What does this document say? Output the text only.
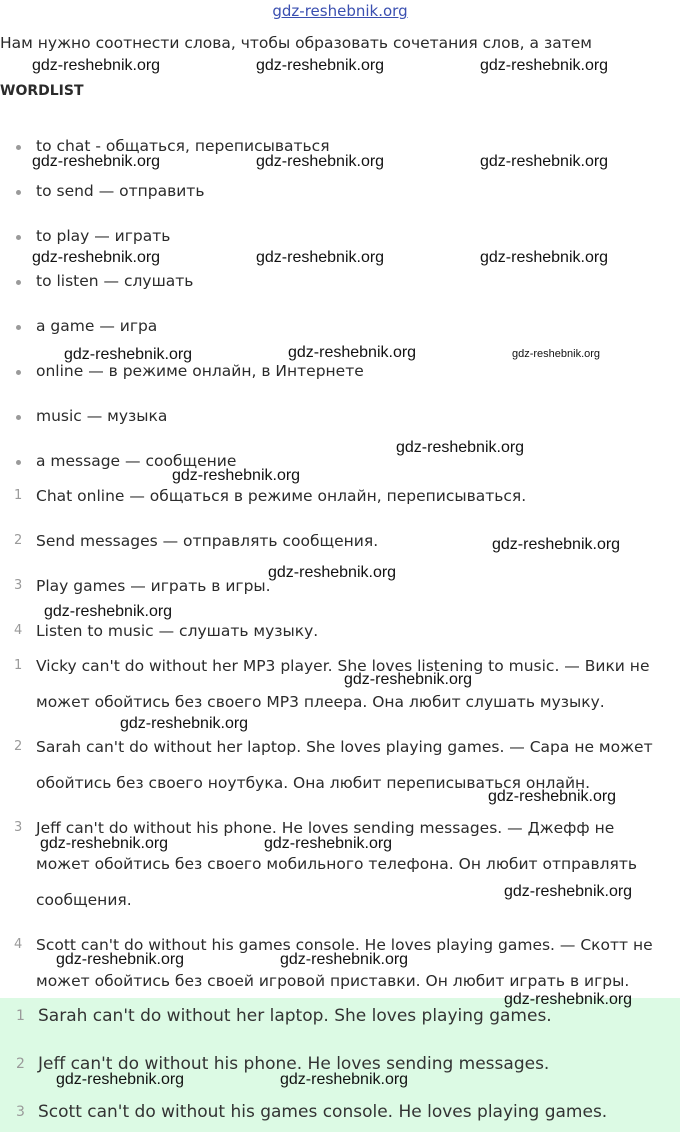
gdz-reshebnik.org
Нам нужно соотнести слова, чтобы образовать сочетания слов, а затем
WORDLIST
to chat - общаться, переписываться
to send — отправить
to play — играть
to listen — слушать
a game — игра
online — в режиме онлайн, в Интернете
music — музыка
a message — сообщение
1 Chat online — общаться в режиме онлайн, переписываться.
2 Send messages — отправлять сообщения.
3 Play games — играть в игры.
4 Listen to music — слушать музыку.
1 Vicky can't do without her MP3 player. She loves listening to music. — Вики не
может обойтись без своего MP3 плеера. Она любит слушать музыку.
2 Sarah can't do without her laptop. She loves playing games. — Сара не может
обойтись без своего ноутбука. Она любит переписываться онлайн.
3 Jeff can't do without his phone. He loves sending messages. — Джефф не
может обойтись без своего мобильного телефона. Он любит отправлять
сообщения.
4 Scott can't do without his games console. He loves playing games. — Скотт не
может обойтись без своей игровой приставки. Он любит играть в игры.
1 Sarah can't do without her laptop. She loves playing games.
2 Jeff can't do without his phone. He loves sending messages.
3 Scott can't do without his games console. He loves playing games.
gdz-reshebnik.org	gdz-reshebnik.org	gdz-reshebnik.org
gdz-reshebnik.org	gdz-reshebnik.org	gdz-reshebnik.org
gdz-reshebnik.org	gdz-reshebnik.org	gdz-reshebnik.org
gdz-reshebnik.org	gdz-reshebnik.org	gdz-reshebnik.org
gdz-reshebnik.org
gdz-reshebnik.org
gdz-reshebnik.org
gdz-reshebnik.org
gdz-reshebnik.org
gdz-reshebnik.org
gdz-reshebnik.org
gdz-reshebnik.org
gdz-reshebnik.org	gdz-reshebnik.org
gdz-reshebnik.org
gdz-reshebnik.org	gdz-reshebnik.org
gdz-reshebnik.org
gdz-reshebnik.org	gdz-reshebnik.org
